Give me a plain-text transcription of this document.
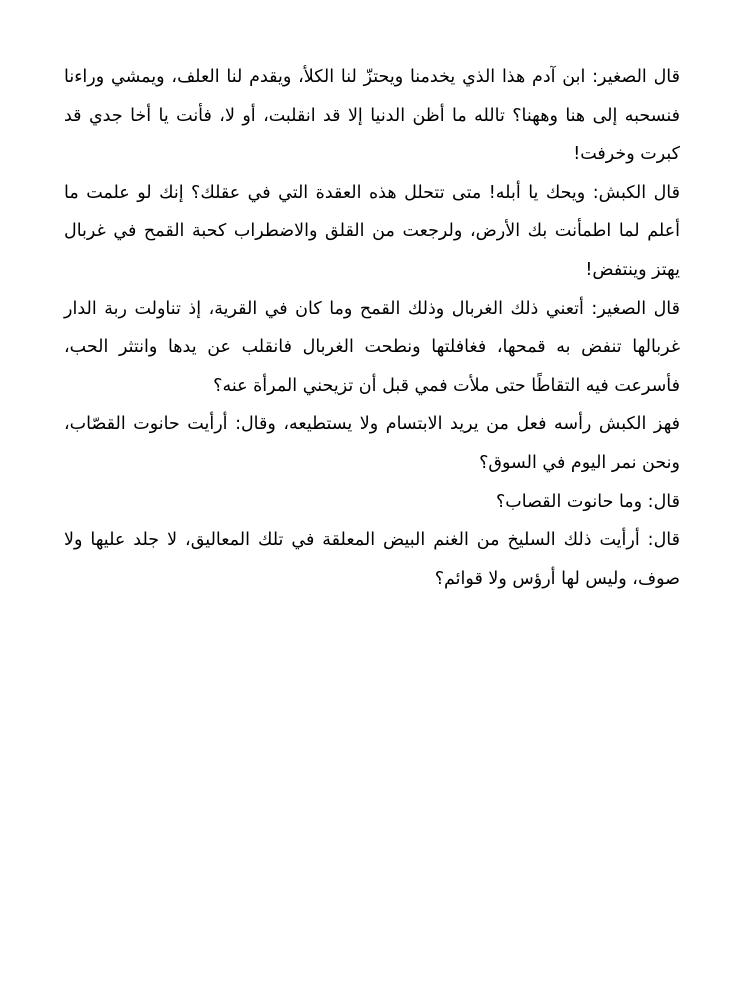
قال الصغير: ابن آدم هذا الذي يخدمنا ويحتزّ لنا الكلأ، ويقدم لنا العلف، ويمشي وراءنا فنسحبه إلى هنا وههنا؟ تالله ما أظن الدنيا إلا قد انقلبت، أو لا، فأنت يا أخا جدي قد كبرت وخرفت!

قال الكبش: ويحك يا أبله! متى تتحلل هذه العقدة التي في عقلك؟ إنك لو علمت ما أعلم لما اطمأنت بك الأرض، ولرجعت من القلق والاضطراب كحبة القمح في غربال يهتز وينتفض!

قال الصغير: أتعني ذلك الغربال وذلك القمح وما كان في القرية، إذ تناولت ربة الدار غربالها تنفض به قمحها، فغافلتها ونطحت الغربال فانقلب عن يدها وانتثر الحب، فأسرعت فيه التقاطًا حتى ملأت فمي قبل أن تزيحني المرأة عنه؟

فهز الكبش رأسه فعل من يريد الابتسام ولا يستطيعه، وقال: أرأيت حانوت القصّاب، ونحن نمر اليوم في السوق؟

قال: وما حانوت القصاب؟

قال: أرأيت ذلك السليخ من الغنم البيض المعلقة في تلك المعاليق، لا جلد عليها ولا صوف، وليس لها أرؤس ولا قوائم؟
